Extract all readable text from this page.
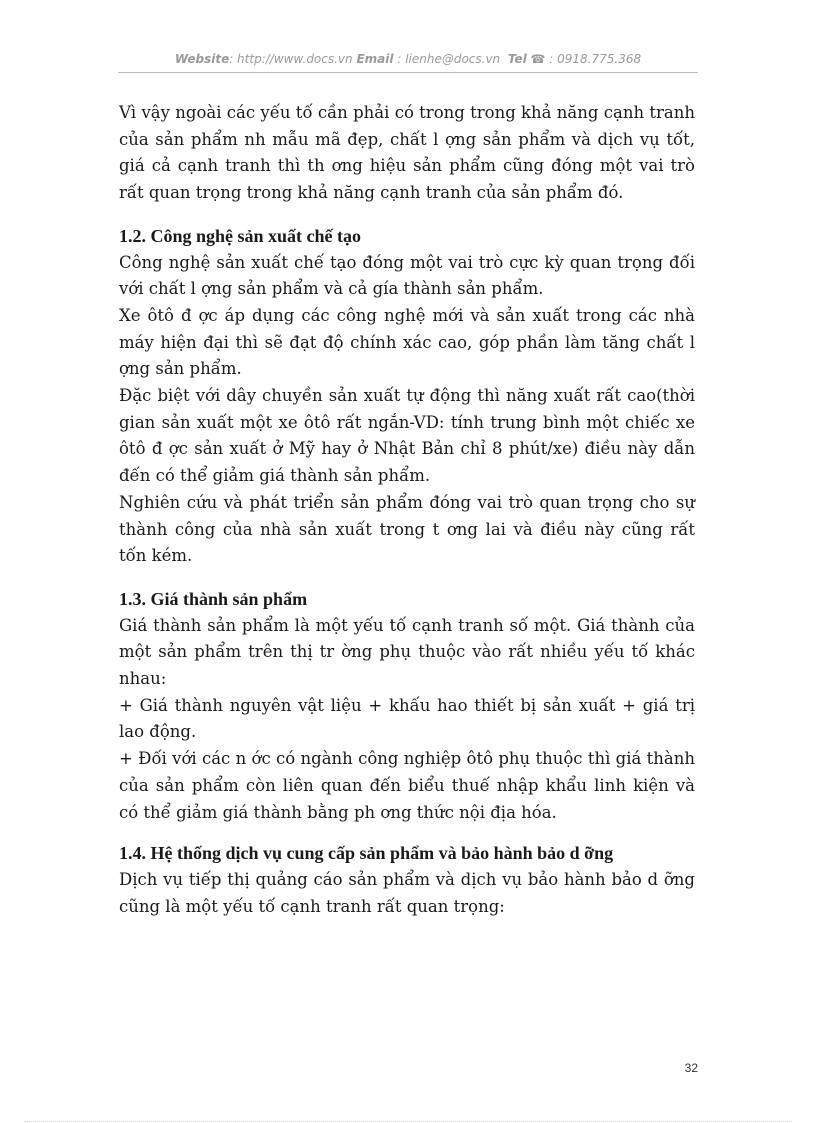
Website: http://www.docs.vn Email : lienhe@docs.vn Tel ☎ : 0918.775.368

Vì vậy ngoài các yếu tố cần phải có trong trong khả năng cạnh tranh của sản phẩm nh mẫu mã đẹp, chất l ợng sản phẩm và dịch vụ tốt, giá cả cạnh tranh thì th ơng hiệu sản phẩm cũng đóng một vai trò rất quan trọng trong khả năng cạnh tranh của sản phẩm đó.

1.2. Công nghệ sản xuất chế tạo

Công nghệ sản xuất chế tạo đóng một vai trò cực kỳ quan trọng đối với chất l ợng sản phẩm và cả gía thành sản phẩm.

Xe ôtô đ ợc áp dụng các công nghệ mới và sản xuất trong các nhà máy hiện đại thì sẽ đạt độ chính xác cao, góp phần làm tăng chất l ợng sản phẩm.

Đặc biệt với dây chuyền sản xuất tự động thì năng xuất rất cao(thời gian sản xuất một xe ôtô rất ngắn-VD: tính trung bình một chiếc xe ôtô đ ợc sản xuất ở Mỹ hay ở Nhật Bản chỉ 8 phút/xe) điều này dẫn đến có thể giảm giá thành sản phẩm.

Nghiên cứu và phát triển sản phẩm đóng vai trò quan trọng cho sự thành công của nhà sản xuất trong t ơng lai và điều này cũng rất tốn kém.

1.3. Giá thành sản phẩm

Giá thành sản phẩm là một yếu tố cạnh tranh số một. Giá thành của một sản phẩm trên thị tr ờng phụ thuộc vào rất nhiều yếu tố khác nhau:

+ Giá thành nguyên vật liệu + khấu hao thiết bị sản xuất + giá trị lao động.

+ Đối với các n ớc có ngành công nghiệp ôtô phụ thuộc thì giá thành của sản phẩm còn liên quan đến biểu thuế nhập khẩu linh kiện và có thể giảm giá thành bằng ph ơng thức nội địa hóa.

1.4. Hệ thống dịch vụ cung cấp sản phẩm và bảo hành bảo d ỡng

Dịch vụ tiếp thị quảng cáo sản phẩm và dịch vụ bảo hành bảo d ỡng cũng là một yếu tố cạnh tranh rất quan trọng:

32
